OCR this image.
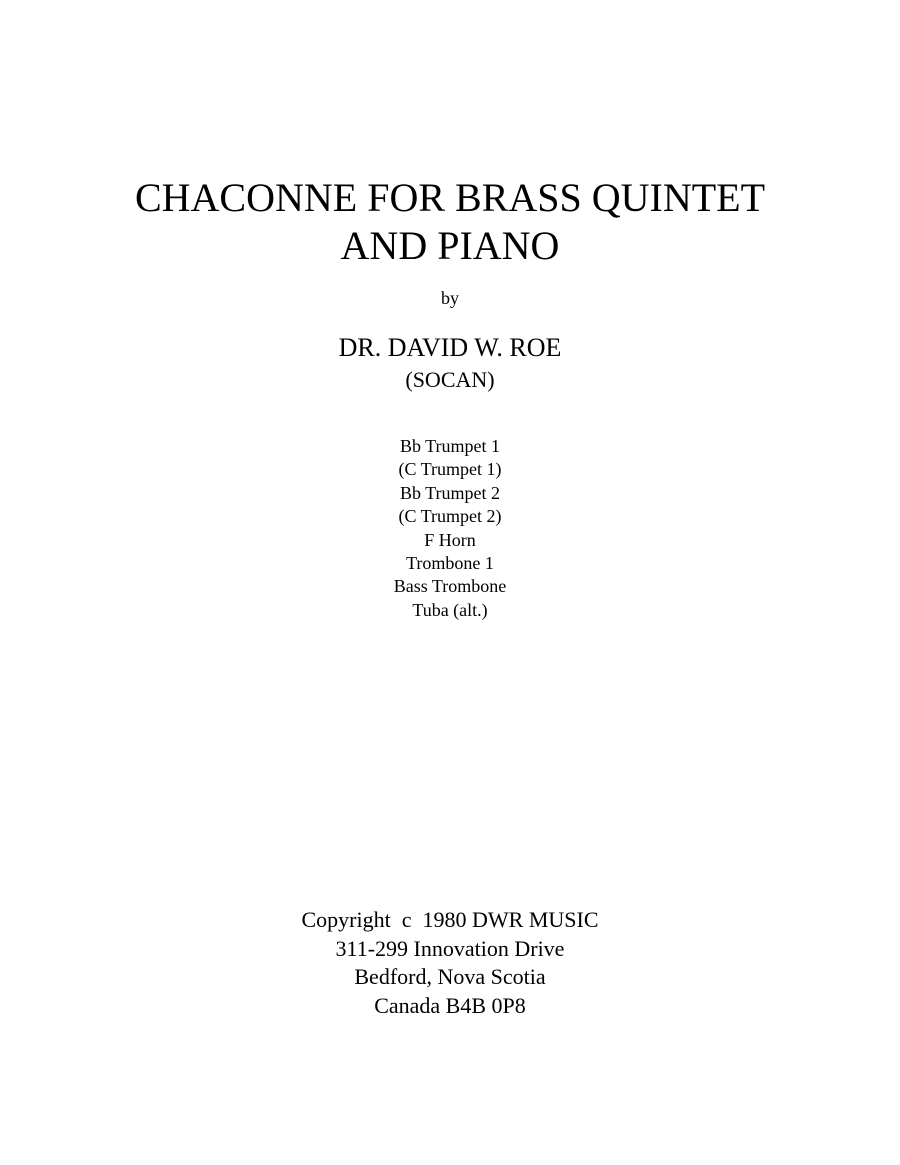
CHACONNE FOR BRASS QUINTET
AND PIANO
by
DR. DAVID W. ROE
(SOCAN)
Bb Trumpet 1
(C Trumpet 1)
Bb Trumpet 2
(C Trumpet 2)
F Horn
Trombone 1
Bass Trombone
Tuba (alt.)
Copyright  c  1980 DWR MUSIC
311-299 Innovation Drive
Bedford, Nova Scotia
Canada B4B 0P8
